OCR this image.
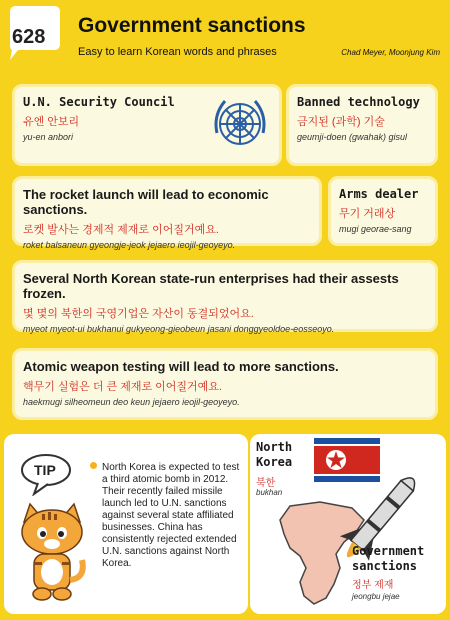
628 Government sanctions
Easy to learn Korean words and phrases	Chad Meyer, Moonjung Kim
U.N. Security Council
유엔 안보리
yu-en anbori
Banned technology
금지된 (과학) 기술
geumji-doen (gwahak) gisul
The rocket launch will lead to economic sanctions.
로켓 발사는 경제적 제재로 이어질거예요.
roket balsaneun gyeongje-jeok jejaero ieojil-geoyeyo.
Arms dealer
무기 거래상
mugi georae-sang
Several North Korean state-run enterprises had their assests frozen.
몇 몇의 북한의 국영기업은 자산이 동결되었어요.
myeot myeot-ui bukhanui gukyeong-gieobeun jasani donggyeoldoe-eosseoyo.
Atomic weapon testing will lead to more sanctions.
핵무기 실험은 더 큰 제재로 이어질거예요.
haekmugi silheomeun deo keun jejaero ieojil-geoyeyo.
TIP	North Korea is expected to test a third atomic bomb in 2012. Their recently failed missile launch led to U.N. sanctions against several state affiliated businesses. China has consistently rejected extended U.N. sanctions against North Korea.
North
Korea
북한
bukhan
Government
sanctions
정부 제재
jeongbu jejae
